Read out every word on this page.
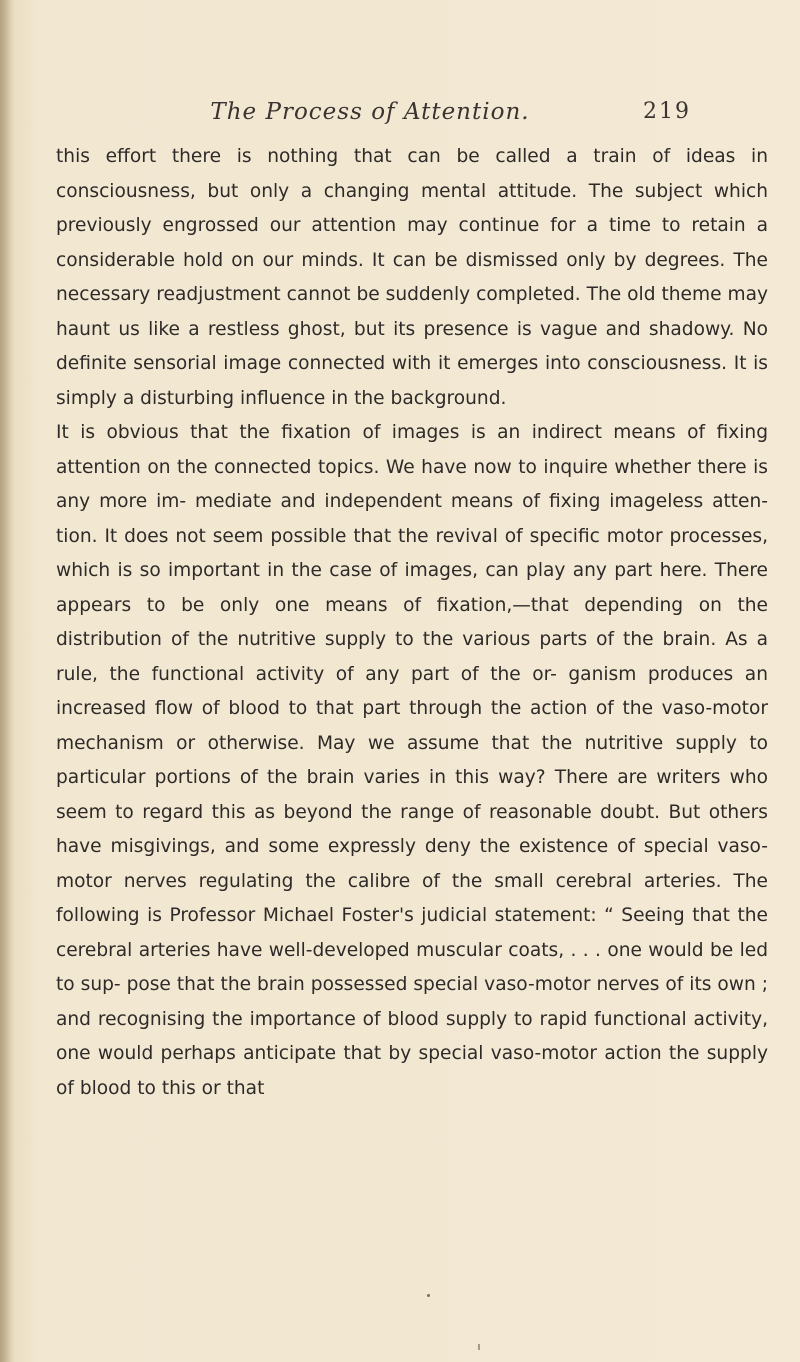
The Process of Attention.	219

this effort there is nothing that can be called a train of ideas in consciousness, but only a changing mental attitude. The subject which previously engrossed our attention may continue for a time to retain a considerable hold on our minds. It can be dismissed only by degrees. The necessary readjustment cannot be suddenly completed. The old theme may haunt us like a restless ghost, but its presence is vague and shadowy. No definite sensorial image connected with it emerges into consciousness. It is simply a disturbing influence in the background.

It is obvious that the fixation of images is an indirect means of fixing attention on the connected topics. We have now to inquire whether there is any more im- mediate and independent means of fixing imageless atten- tion. It does not seem possible that the revival of specific motor processes, which is so important in the case of images, can play any part here. There appears to be only one means of fixation,—that depending on the distribution of the nutritive supply to the various parts of the brain. As a rule, the functional activity of any part of the or- ganism produces an increased flow of blood to that part through the action of the vaso-motor mechanism or otherwise. May we assume that the nutritive supply to particular portions of the brain varies in this way? There are writers who seem to regard this as beyond the range of reasonable doubt. But others have misgivings, and some expressly deny the existence of special vaso-motor nerves regulating the calibre of the small cerebral arteries. The following is Professor Michael Foster's judicial statement: “ Seeing that the cerebral arteries have well-developed muscular coats, . . . one would be led to sup- pose that the brain possessed special vaso-motor nerves of its own ; and recognising the importance of blood supply to rapid functional activity, one would perhaps anticipate that by special vaso-motor action the supply of blood to this or that
